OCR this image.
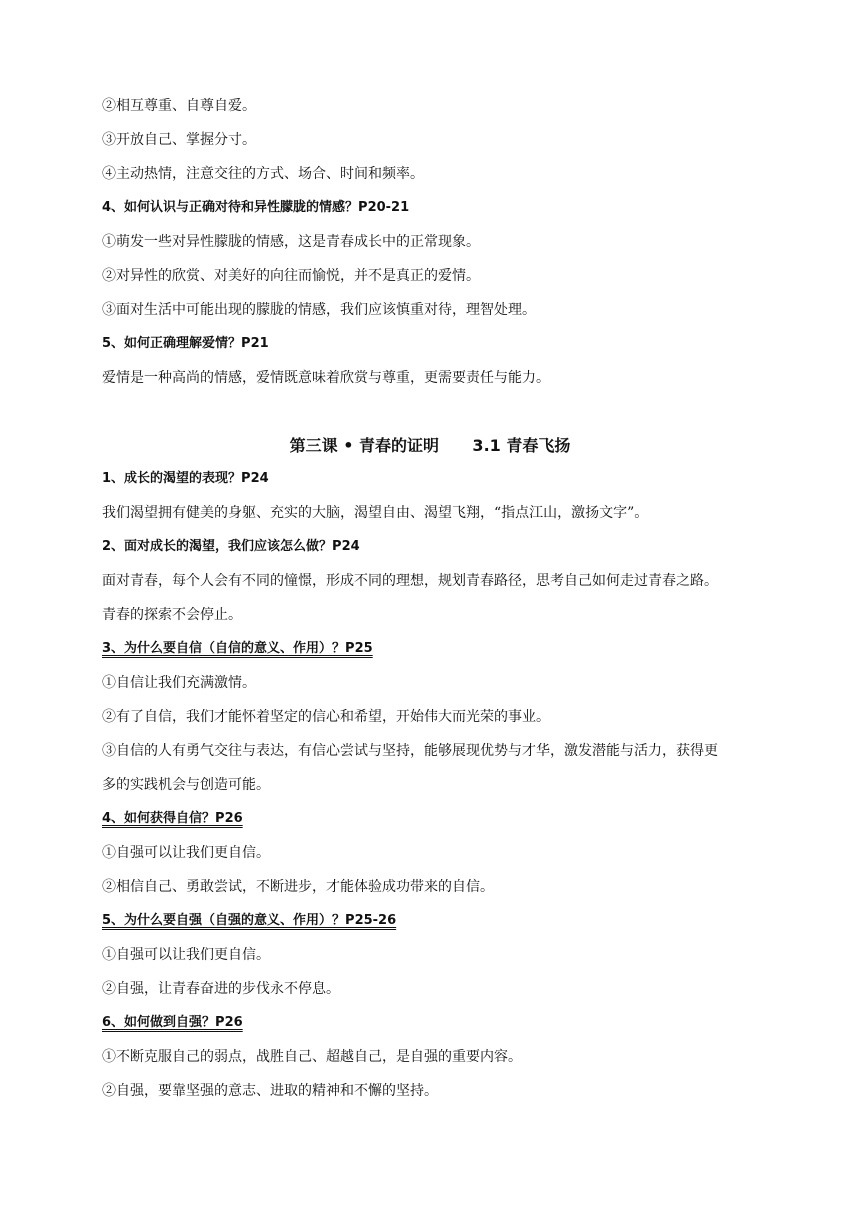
②相互尊重、自尊自爱。
③开放自己、掌握分寸。
④主动热情，注意交往的方式、场合、时间和频率。
4、如何认识与正确对待和异性朦胧的情感？P20-21
①萌发一些对异性朦胧的情感，这是青春成长中的正常现象。
②对异性的欣赏、对美好的向往而愉悦，并不是真正的爱情。
③面对生活中可能出现的朦胧的情感，我们应该慎重对待，理智处理。
5、如何正确理解爱情？P21
爱情是一种高尚的情感，爱情既意味着欣赏与尊重，更需要责任与能力。
第三课 • 青春的证明      3.1 青春飞扬
1、成长的渴望的表现？P24
我们渴望拥有健美的身躯、充实的大脑，渴望自由、渴望飞翔，“指点江山，激扬文字”。
2、面对成长的渴望，我们应该怎么做？P24
面对青春，每个人会有不同的憧憬，形成不同的理想，规划青春路径，思考自己如何走过青春之路。
青春的探索不会停止。
3、为什么要自信（自信的意义、作用）？P25
①自信让我们充满激情。
②有了自信，我们才能怀着坚定的信心和希望，开始伟大而光荣的事业。
③自信的人有勇气交往与表达，有信心尝试与坚持，能够展现优势与才华，激发潜能与活力，获得更
多的实践机会与创造可能。
4、如何获得自信？P26
①自强可以让我们更自信。
②相信自己、勇敢尝试，不断进步，才能体验成功带来的自信。
5、为什么要自强（自强的意义、作用）？P25-26
①自强可以让我们更自信。
②自强，让青春奋进的步伐永不停息。
6、如何做到自强？P26
①不断克服自己的弱点，战胜自己、超越自己，是自强的重要内容。
②自强，要靠坚强的意志、进取的精神和不懈的坚持。
